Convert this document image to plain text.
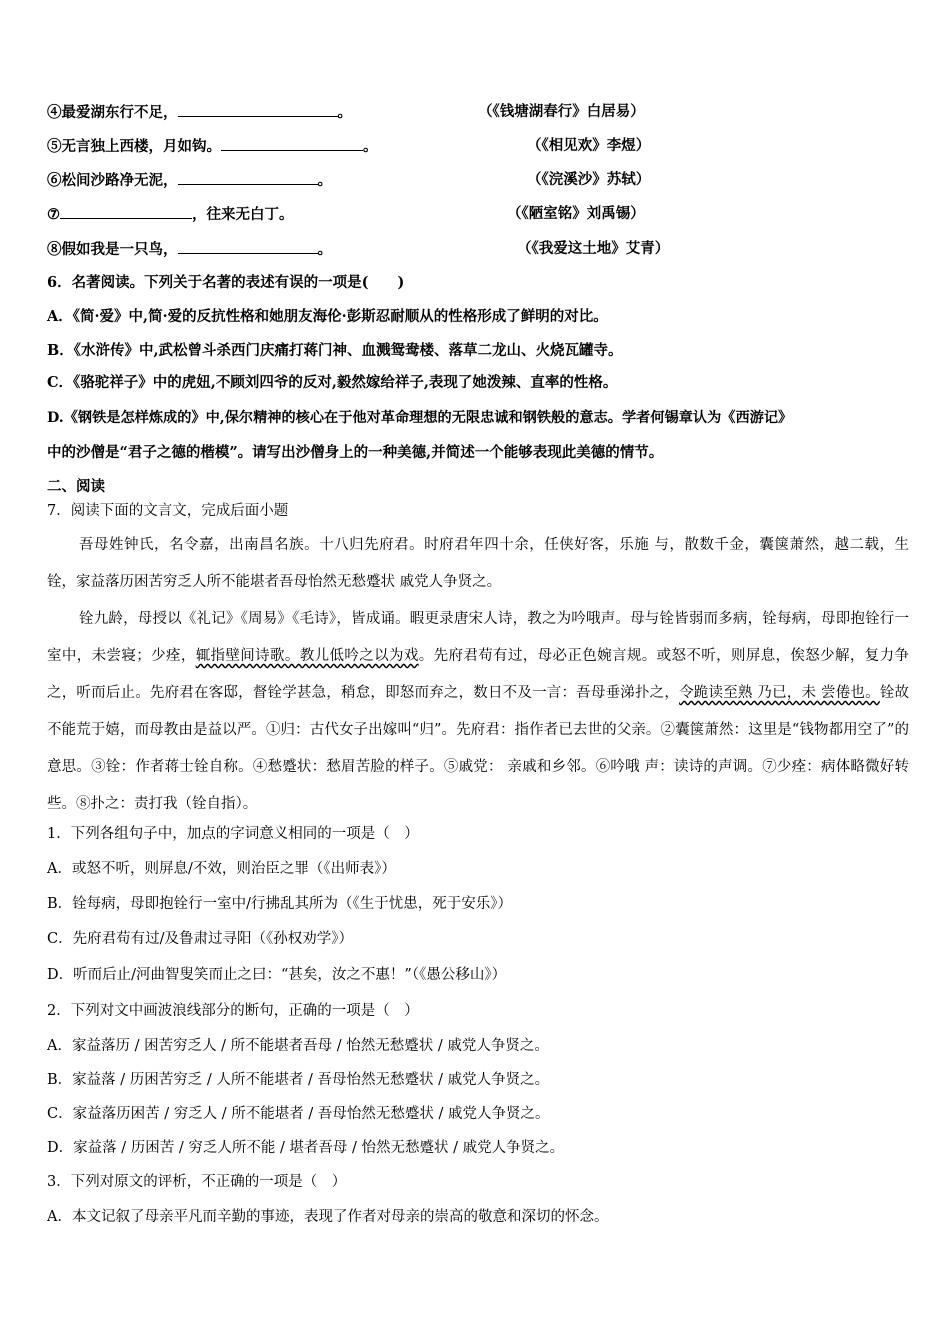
④最爱湖东行不足，	。	（《钱塘湖春行》白居易）
⑤无言独上西楼，月如钩。	。	（《相见欢》李煜）
⑥松间沙路净无泥，	。	（《浣溪沙》苏轼）
⑦	，往来无白丁。	（《陋室铭》刘禹锡）
⑧假如我是一只鸟，	。	（《我爱这土地》艾青）
6．名著阅读。下列关于名著的表述有误的一项是(　　)
A．《简·爱》中,简·爱的反抗性格和她朋友海伦·彭斯忍耐顺从的性格形成了鲜明的对比。
B．《水浒传》中,武松曾斗杀西门庆痛打蒋门神、血溅鸳鸯楼、落草二龙山、火烧瓦罐寺。
C．《骆驼祥子》中的虎妞,不顾刘四爷的反对,毅然嫁给祥子,表现了她泼辣、直率的性格。
D.《钢铁是怎样炼成的》中,保尔精神的核心在于他对革命理想的无限忠诚和钢铁般的意志。学者何锡章认为《西游记》
中的沙僧是“君子之德的楷模”。请写出沙僧身上的一种美德,并简述一个能够表现此美德的情节。
二、阅读
7．阅读下面的文言文，完成后面小题
吾母姓钟氏，名令嘉，出南昌名族。十八归先府君。时府君年四十余，任侠好客，乐施 与，散数千金，囊箧萧然，越二载，生铨，家益落历困苦穷乏人所不能堪者吾母怡然无愁蹙状 戚党人争贤之。
铨九龄，母授以《礼记》《周易》《毛诗》，皆成诵。暇更录唐宋人诗，教之为吟哦声。母与铨皆弱而多病，铨每病，母即抱铨行一室中，未尝寝；少痊，辄指壁间诗歌。教儿低吟之以为戏。先府君苟有过，母必正色婉言规。或怒不听，则屏息，俟怒少解，复力争之，听而后止。先府君在客邸，督铨学甚急，稍怠，即怒而弃之，数日不及一言：吾母垂涕扑之，令跪读至熟 乃已，未 尝倦也。铨故不能荒于嬉，而母教由是益以严。①归：古代女子出嫁叫“归”。先府君：指作者已去世的父亲。②囊箧萧然：这里是“钱物都用空了”的意思。③铨：作者蒋士铨自称。④愁蹙状：愁眉苦脸的样子。⑤戚党： 亲戚和乡邻。⑥吟哦 声：读诗的声调。⑦少痊：病体略微好转些。⑧扑之：责打我（铨自指）。
1．下列各组句子中，加点的字词意义相同的一项是（　）
A．或怒不听，则屏息/不效，则治臣之罪（《出师表》）
B．铨每病，母即抱铨行一室中/行拂乱其所为（《生于忧患，死于安乐》）
C．先府君苟有过/及鲁肃过寻阳（《孙权劝学》）
D．听而后止/河曲智叟笑而止之曰：“甚矣，汝之不惠！”（《愚公移山》）
2．下列对文中画波浪线部分的断句，正确的一项是（　）
A．家益落历 / 困苦穷乏人 / 所不能堪者吾母 / 怡然无愁蹙状 / 戚党人争贤之。
B．家益落 / 历困苦穷乏 / 人所不能堪者 / 吾母怡然无愁蹙状 / 戚党人争贤之。
C．家益落历困苦 / 穷乏人 / 所不能堪者 / 吾母怡然无愁蹙状 / 戚党人争贤之。
D．家益落 / 历困苦 / 穷乏人所不能 / 堪者吾母 / 怡然无愁蹙状 / 戚党人争贤之。
3．下列对原文的评析，不正确的一项是（　）
A．本文记叙了母亲平凡而辛勤的事迹，表现了作者对母亲的崇高的敬意和深切的怀念。
